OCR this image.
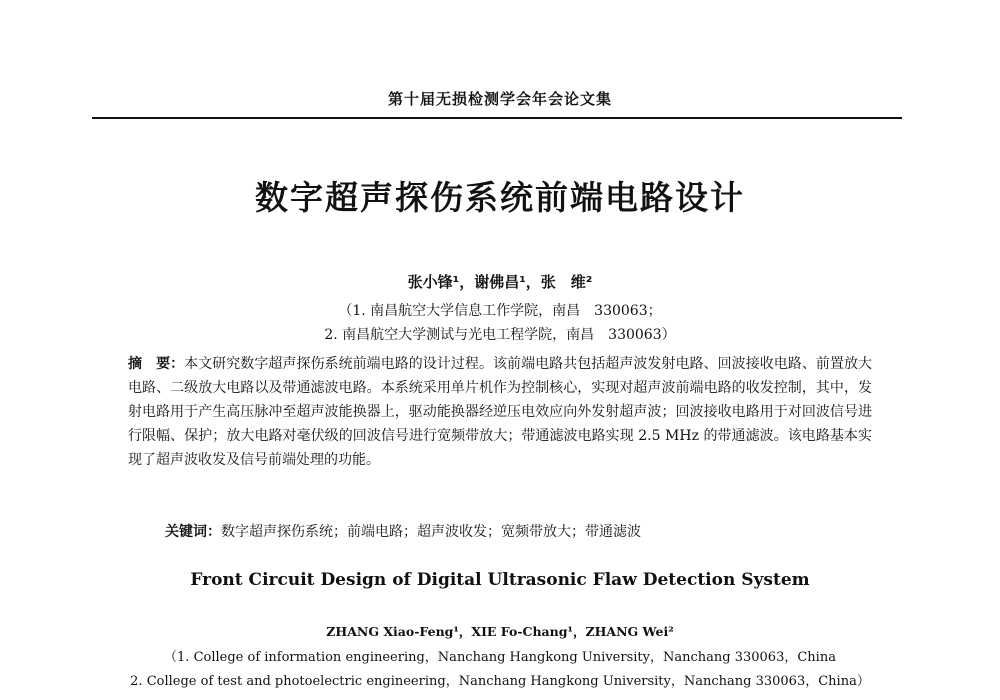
第十届无损检测学会年会论文集
数字超声探伤系统前端电路设计
张小锋¹，谢佛昌¹，张　维²
（1. 南昌航空大学信息工作学院，南昌　330063；
2. 南昌航空大学测试与光电工程学院，南昌　330063）
摘　要：本文研究数字超声探伤系统前端电路的设计过程。该前端电路共包括超声波发射电路、回波接收电路、前置放大电路、二级放大电路以及带通滤波电路。本系统采用单片机作为控制核心，实现对超声波前端电路的收发控制，其中，发射电路用于产生高压脉冲至超声波能换器上，驱动能换器经逆压电效应向外发射超声波；回波接收电路用于对回波信号进行限幅、保护；放大电路对毫伏级的回波信号进行宽频带放大；带通滤波电路实现 2.5 MHz 的带通滤波。该电路基本实现了超声波收发及信号前端处理的功能。
关键词：数字超声探伤系统；前端电路；超声波收发；宽频带放大；带通滤波
Front Circuit Design of Digital Ultrasonic Flaw Detection System
ZHANG Xiao-Feng¹，XIE Fo-Chang¹，ZHANG Wei²
（1. College of information engineering，Nanchang Hangkong University，Nanchang 330063，China
2. College of test and photoelectric engineering，Nanchang Hangkong University，Nanchang 330063，China）
